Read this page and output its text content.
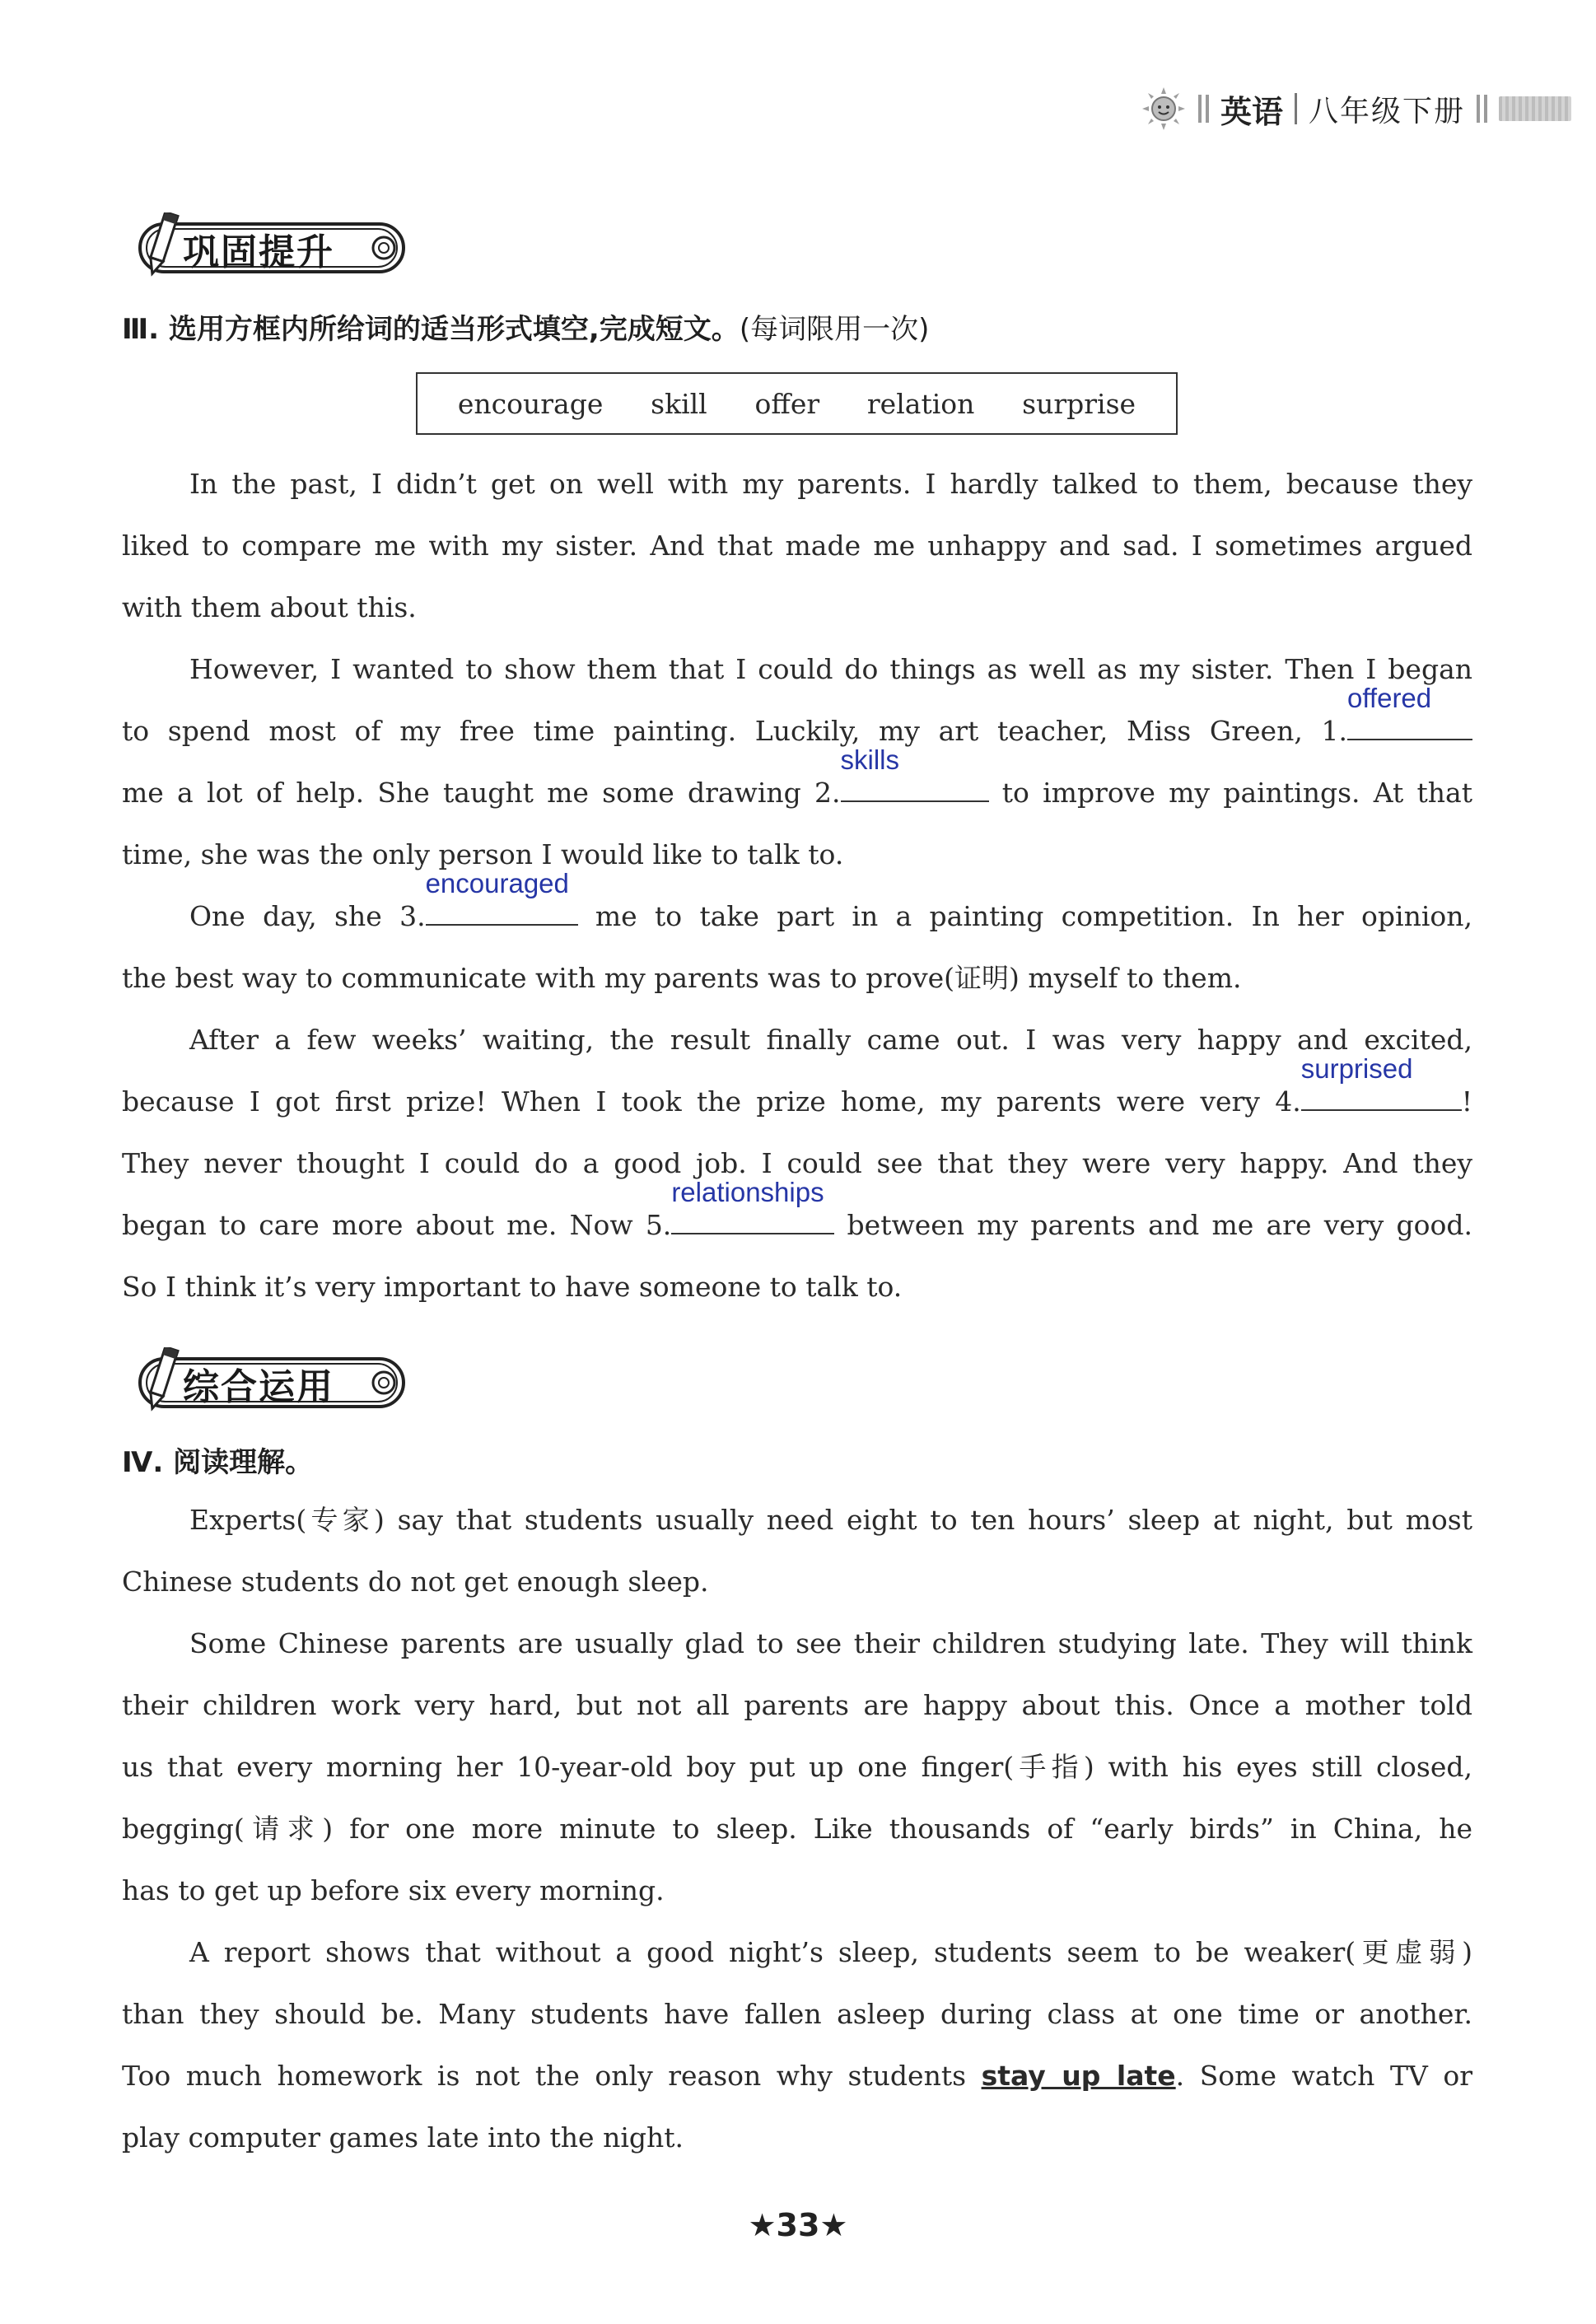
英语 八年级下册
巩固提升
Ⅲ. 选用方框内所给词的适当形式填空,完成短文。(每词限用一次)
encourage skill offer relation surprise
In the past, I didn’t get on well with my parents. I hardly talked to them, because they
liked to compare me with my sister. And that made me unhappy and sad. I sometimes argued
with them about this.
However, I wanted to show them that I could do things as well as my sister. Then I began
to spend most of my free time painting. Luckily, my art teacher, Miss Green, 1.
offered
me a lot of help. She taught me some drawing 2.
skills
to improve my paintings. At that
time, she was the only person I would like to talk to.
One day, she 3.
encouraged
me to take part in a painting competition. In her opinion,
the best way to communicate with my parents was to prove(证明) myself to them.
After a few weeks’ waiting, the result finally came out. I was very happy and excited,
because I got first prize! When I took the prize home, my parents were very 4.
surprised
!
They never thought I could do a good job. I could see that they were very happy. And they
began to care more about me. Now 5.
relationships
between my parents and me are very good.
So I think it’s very important to have someone to talk to.
综合运用
Ⅳ. 阅读理解。
Experts(专家) say that students usually need eight to ten hours’ sleep at night, but most
Chinese students do not get enough sleep.
Some Chinese parents are usually glad to see their children studying late. They will think
their children work very hard, but not all parents are happy about this. Once a mother told
us that every morning her 10-year-old boy put up one finger(手指) with his eyes still closed,
begging(请求) for one more minute to sleep. Like thousands of “early birds” in China, he
has to get up before six every morning.
A report shows that without a good night’s sleep, students seem to be weaker(更虚弱)
than they should be. Many students have fallen asleep during class at one time or another.
Too much homework is not the only reason why students stay up late. Some watch TV or
play computer games late into the night.
★33★
